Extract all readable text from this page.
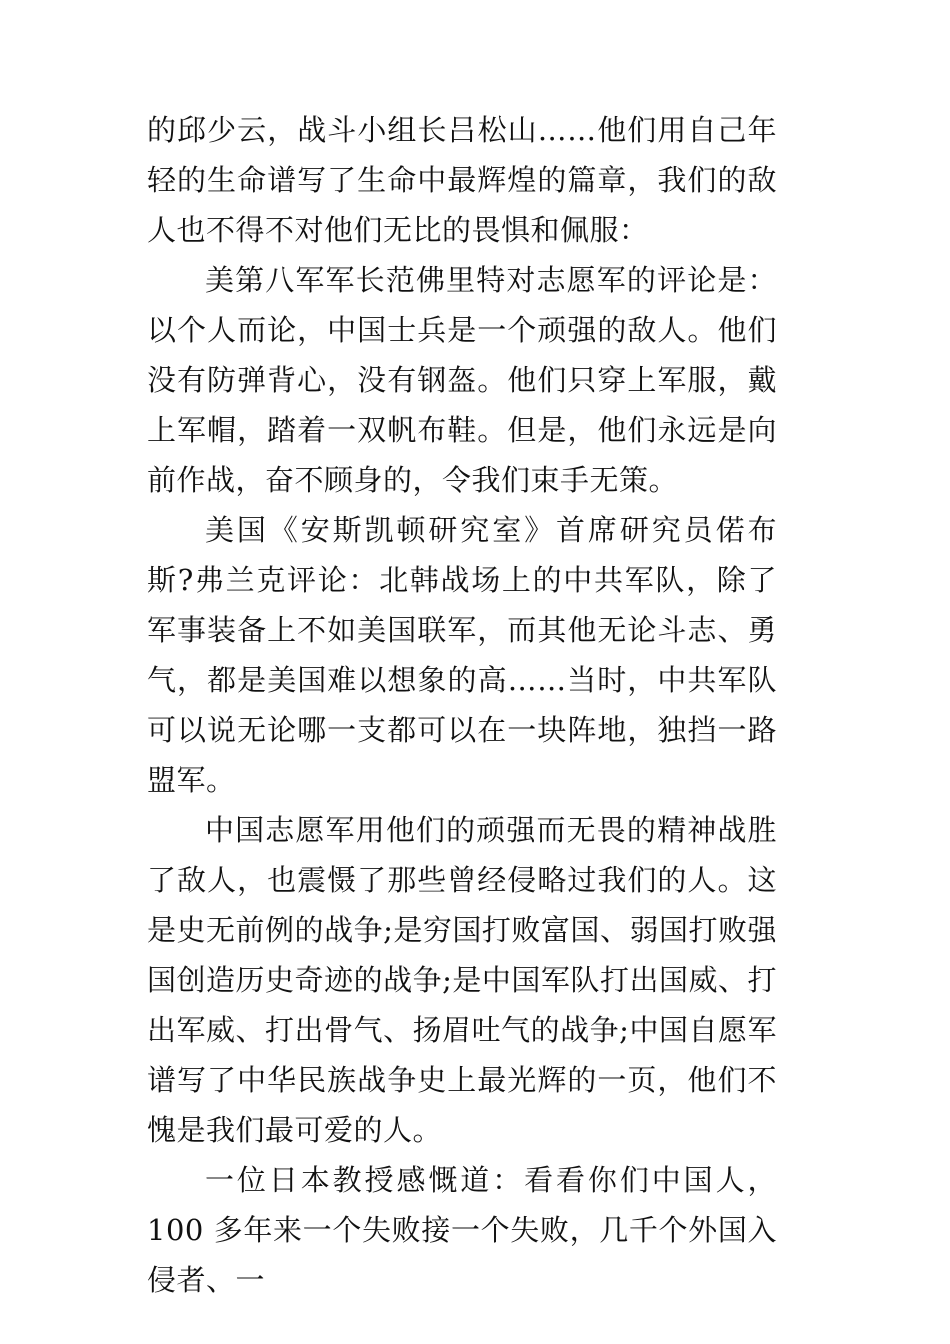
的邱少云，战斗小组长吕松山……他们用自己年轻的生命谱写了生命中最辉煌的篇章，我们的敌人也不得不对他们无比的畏惧和佩服：

美第八军军长范佛里特对志愿军的评论是：以个人而论，中国士兵是一个顽强的敌人。他们没有防弹背心，没有钢盔。他们只穿上军服，戴上军帽，踏着一双帆布鞋。但是，他们永远是向前作战，奋不顾身的，令我们束手无策。

美国《安斯凯顿研究室》首席研究员偌布斯?弗兰克评论：北韩战场上的中共军队，除了军事装备上不如美国联军，而其他无论斗志、勇气，都是美国难以想象的高……当时，中共军队可以说无论哪一支都可以在一块阵地，独挡一路盟军。

中国志愿军用他们的顽强而无畏的精神战胜了敌人，也震慑了那些曾经侵略过我们的人。这是史无前例的战争;是穷国打败富国、弱国打败强国创造历史奇迹的战争;是中国军队打出国威、打出军威、打出骨气、扬眉吐气的战争;中国自愿军谱写了中华民族战争史上最光辉的一页，他们不愧是我们最可爱的人。

一位日本教授感慨道：看看你们中国人，100 多年来一个失败接一个失败，几千个外国入侵者、一
